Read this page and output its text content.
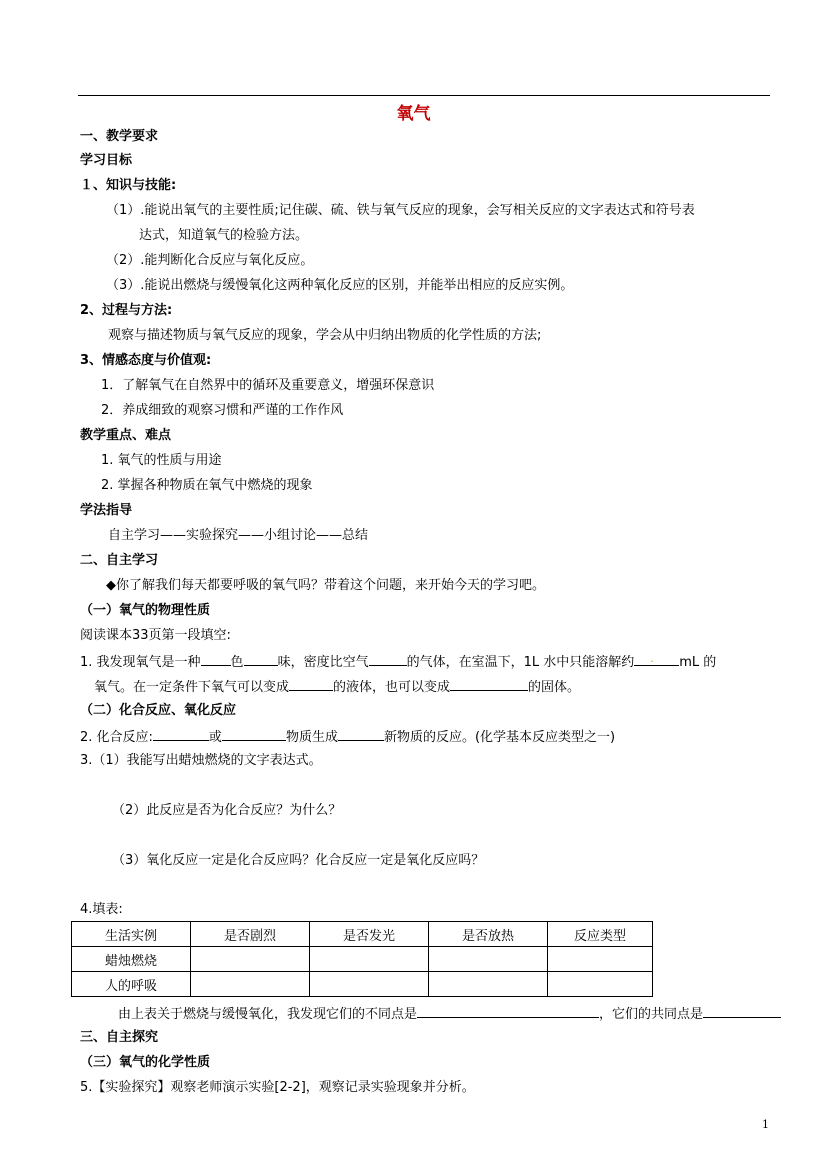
氧气
一、教学要求
学习目标
１、知识与技能:
（1）.能说出氧气的主要性质;记住碳、硫、铁与氧气反应的现象，会写相关反应的文字表达式和符号表
达式，知道氧气的检验方法。
（2）.能判断化合反应与氧化反应。
（3）.能说出燃烧与缓慢氧化这两种氧化反应的区别，并能举出相应的反应实例。
2、过程与方法:
观察与描述物质与氧气反应的现象，学会从中归纳出物质的化学性质的方法;
3、情感态度与价值观:
1．了解氧气在自然界中的循环及重要意义，增强环保意识
2．养成细致的观察习惯和严谨的工作作风
教学重点、难点
1. 氧气的性质与用途
2. 掌握各种物质在氧气中燃烧的现象
学法指导
自主学习——实验探究——小组讨论——总结
二、自主学习
◆你了解我们每天都要呼吸的氧气吗？带着这个问题，来开始今天的学习吧。
（一）氧气的物理性质
阅读课本33页第一段填空:
1. 我发现氧气是一种 色	味，密度比空气	的气体，在室温下，1L 水中只能溶解约 . mL 的
氧气。在一定条件下氧气可以变成	的液体，也可以变成	的固体。
（二）化合反应、氧化反应
2. 化合反应:	或	物质生成	新物质的反应。(化学基本反应类型之一)
3.（1）我能写出蜡烛燃烧的文字表达式。
（2）此反应是否为化合反应？为什么？
（3）氧化反应一定是化合反应吗？化合反应一定是氧化反应吗？
4.填表:
生活实例	是否剧烈	是否发光	是否放热	反应类型
蜡烛燃烧				
人的呼吸				
由上表关于燃烧与缓慢氧化，我发现它们的不同点是	，它们的共同点是
三、自主探究
（三）氧气的化学性质
5.【实验探究】观察老师演示实验[2-2]，观察记录实验现象并分析。
1
